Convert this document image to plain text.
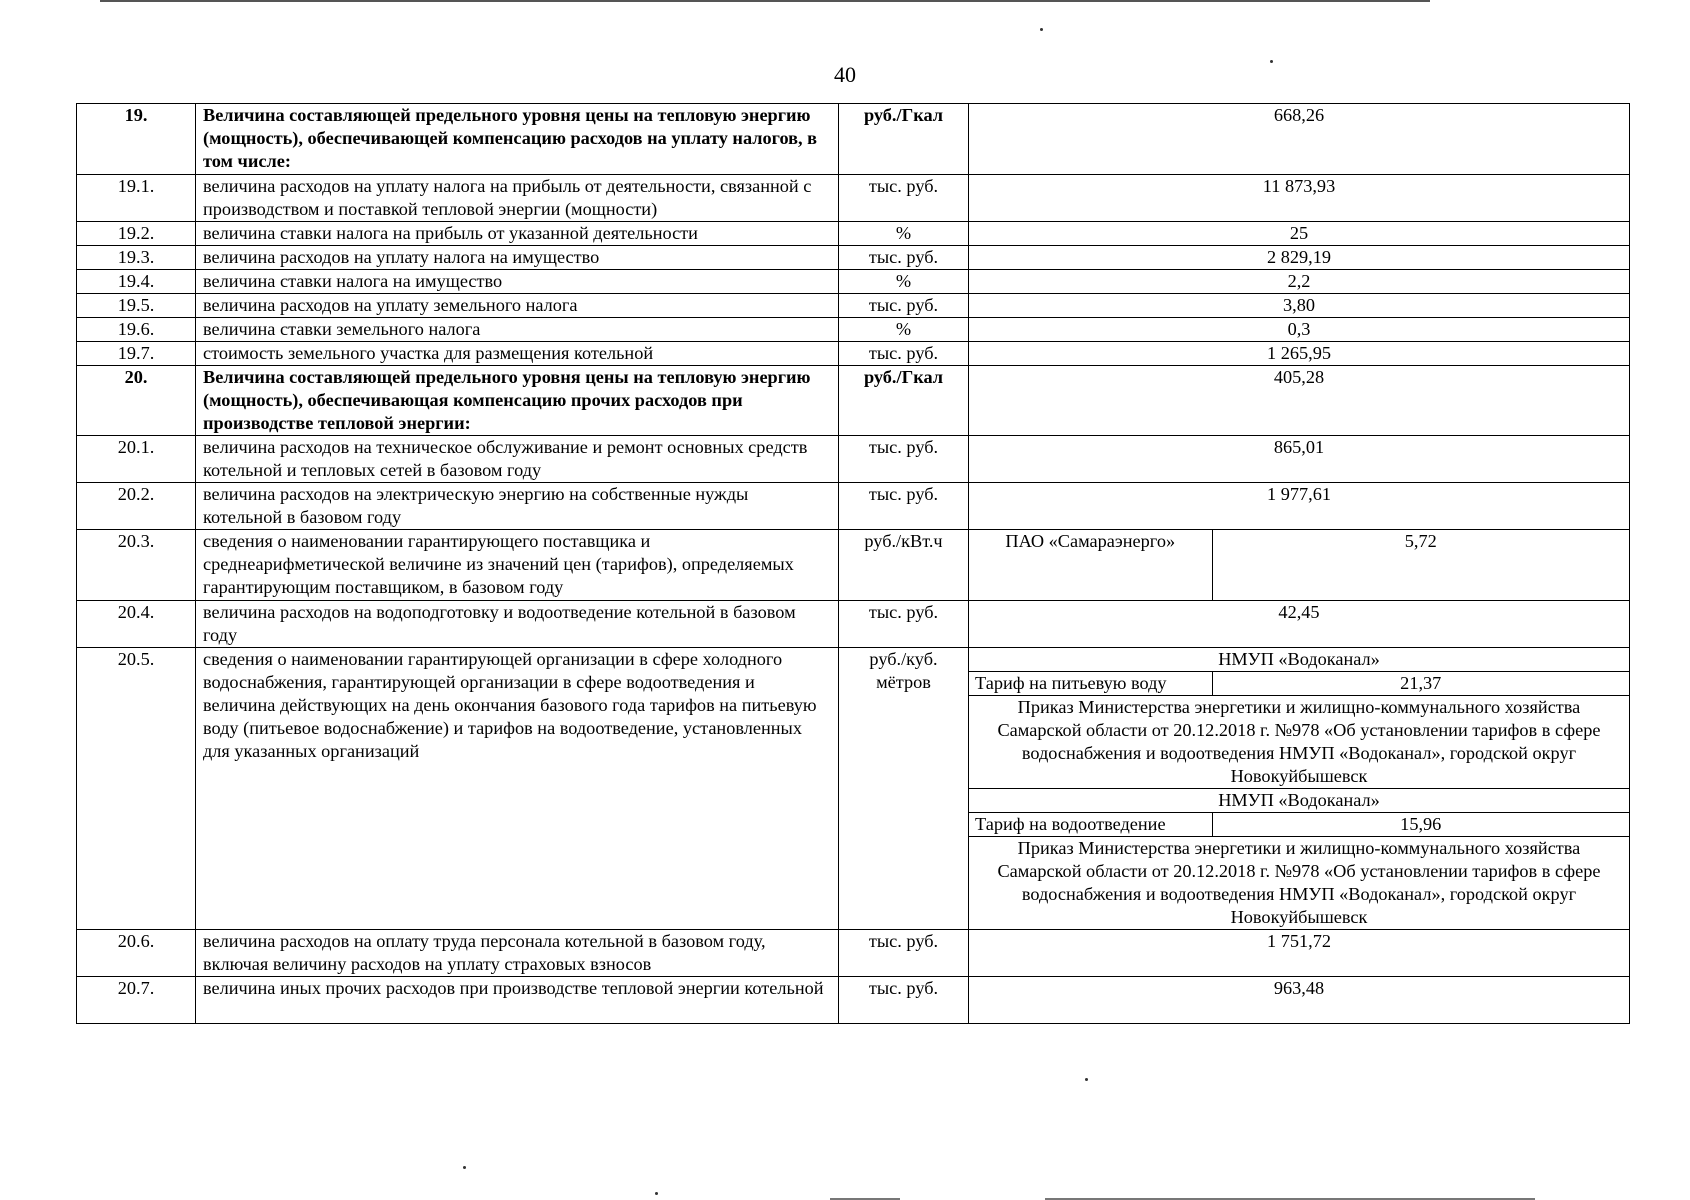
40
19.	Величина составляющей предельного уровня цены на тепловую энергию (мощность), обеспечивающей компенсацию расходов на уплату налогов, в том числе:	руб./Гкал	668,26
19.1.	величина расходов на уплату налога на прибыль от деятельности, связанной с производством и поставкой тепловой энергии (мощности)	тыс. руб.	11 873,93
19.2.	величина ставки налога на прибыль от указанной деятельности	%	25
19.3.	величина расходов на уплату налога на имущество	тыс. руб.	2 829,19
19.4.	величина ставки налога на имущество	%	2,2
19.5.	величина расходов на уплату земельного налога	тыс. руб.	3,80
19.6.	величина ставки земельного налога	%	0,3
19.7.	стоимость земельного участка для размещения котельной	тыс. руб.	1 265,95
20.	Величина составляющей предельного уровня цены на тепловую энергию (мощность), обеспечивающая компенсацию прочих расходов при производстве тепловой энергии:	руб./Гкал	405,28
20.1.	величина расходов на техническое обслуживание и ремонт основных средств котельной и тепловых сетей в базовом году	тыс. руб.	865,01
20.2.	величина расходов на электрическую энергию на собственные нужды котельной в базовом году	тыс. руб.	1 977,61
20.3.	сведения о наименовании гарантирующего поставщика и среднеарифметической величине из значений цен (тарифов), определяемых гарантирующим поставщиком, в базовом году	руб./кВт.ч		ПАО «Самараэнерго»	5,72

20.4.	величина расходов на водоподготовку и водоотведение котельной в базовом году	тыс. руб.	42,45
20.5.	сведения о наименовании гарантирующей организации в сфере холодного водоснабжения, гарантирующей организации в сфере водоотведения и величина действующих на день окончания базового года тарифов на питьевую воду (питьевое водоснабжение) и тарифов на водоотведение, установленных для указанных организаций	руб./куб. мётров	
НМУП «Водоканал»
Тариф на питьевую воду	21,37
Приказ Министерства энергетики и жилищно-коммунального хозяйства Самарской области от 20.12.2018 г. №978 «Об установлении тарифов в сфере водоснабжения и водоотведения НМУП «Водоканал», городской округ Новокуйбышевск
НМУП «Водоканал»
Тариф на водоотведение	15,96
Приказ Министерства энергетики и жилищно-коммунального хозяйства Самарской области от 20.12.2018 г. №978 «Об установлении тарифов в сфере водоснабжения и водоотведения НМУП «Водоканал», городской округ Новокуйбышевск

20.6.	величина расходов на оплату труда персонала котельной в базовом году, включая величину расходов на уплату страховых взносов	тыс. руб.	1 751,72
20.7.	величина иных прочих расходов при производстве тепловой энергии котельной	тыс. руб.	963,48
